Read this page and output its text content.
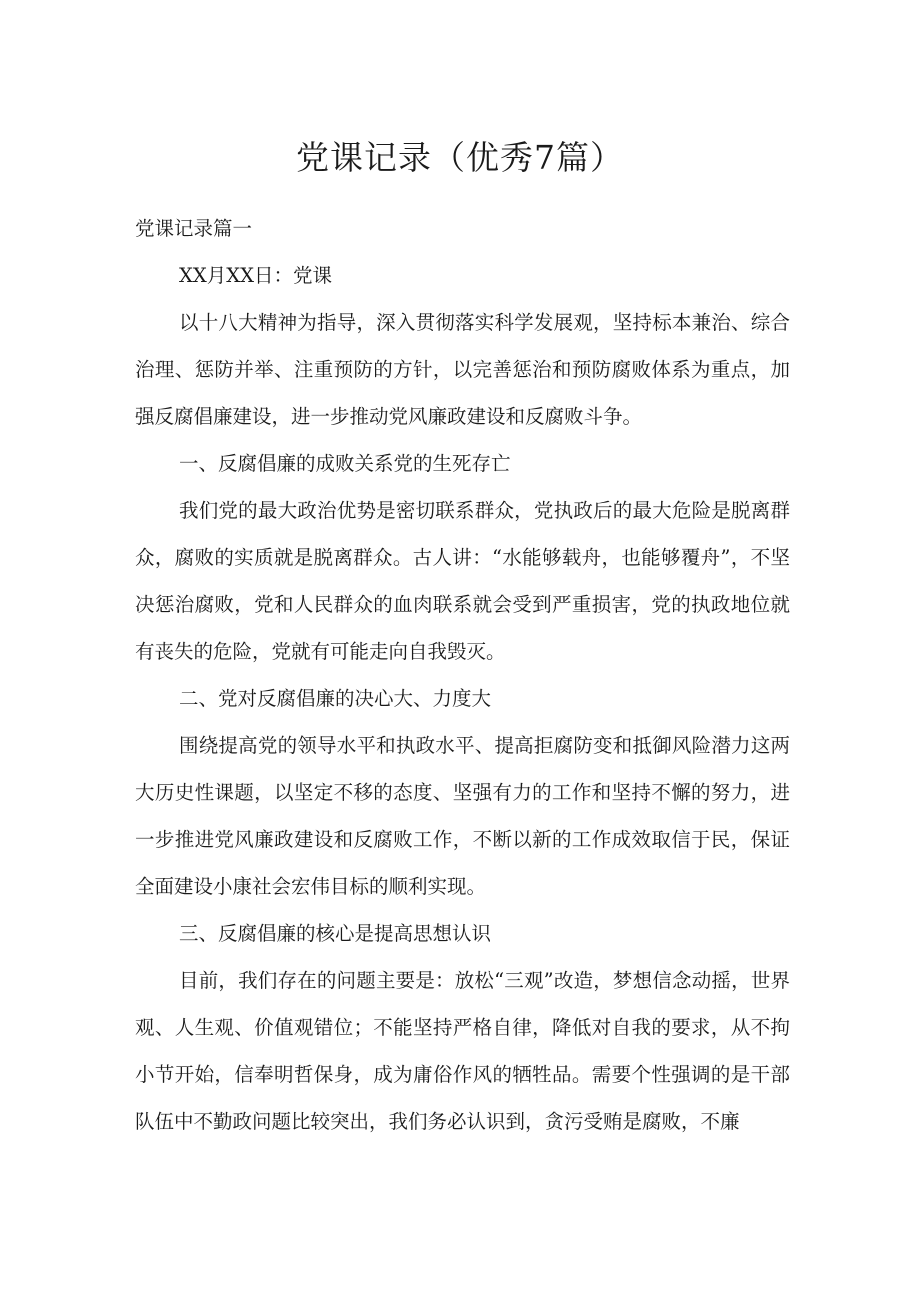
党课记录（优秀7篇）

党课记录篇一

XX月XX日：党课

以十八大精神为指导，深入贯彻落实科学发展观，坚持标本兼治、综合治理、惩防并举、注重预防的方针，以完善惩治和预防腐败体系为重点，加强反腐倡廉建设，进一步推动党风廉政建设和反腐败斗争。

一、反腐倡廉的成败关系党的生死存亡

我们党的最大政治优势是密切联系群众，党执政后的最大危险是脱离群众，腐败的实质就是脱离群众。古人讲：“水能够载舟，也能够覆舟”，不坚决惩治腐败，党和人民群众的血肉联系就会受到严重损害，党的执政地位就有丧失的危险，党就有可能走向自我毁灭。

二、党对反腐倡廉的决心大、力度大

围绕提高党的领导水平和执政水平、提高拒腐防变和抵御风险潜力这两大历史性课题，以坚定不移的态度、坚强有力的工作和坚持不懈的努力，进一步推进党风廉政建设和反腐败工作，不断以新的工作成效取信于民，保证全面建设小康社会宏伟目标的顺利实现。

三、反腐倡廉的核心是提高思想认识

目前，我们存在的问题主要是：放松“三观”改造，梦想信念动摇，世界观、人生观、价值观错位；不能坚持严格自律，降低对自我的要求，从不拘小节开始，信奉明哲保身，成为庸俗作风的牺牲品。需要个性强调的是干部队伍中不勤政问题比较突出，我们务必认识到，贪污受贿是腐败，不廉
